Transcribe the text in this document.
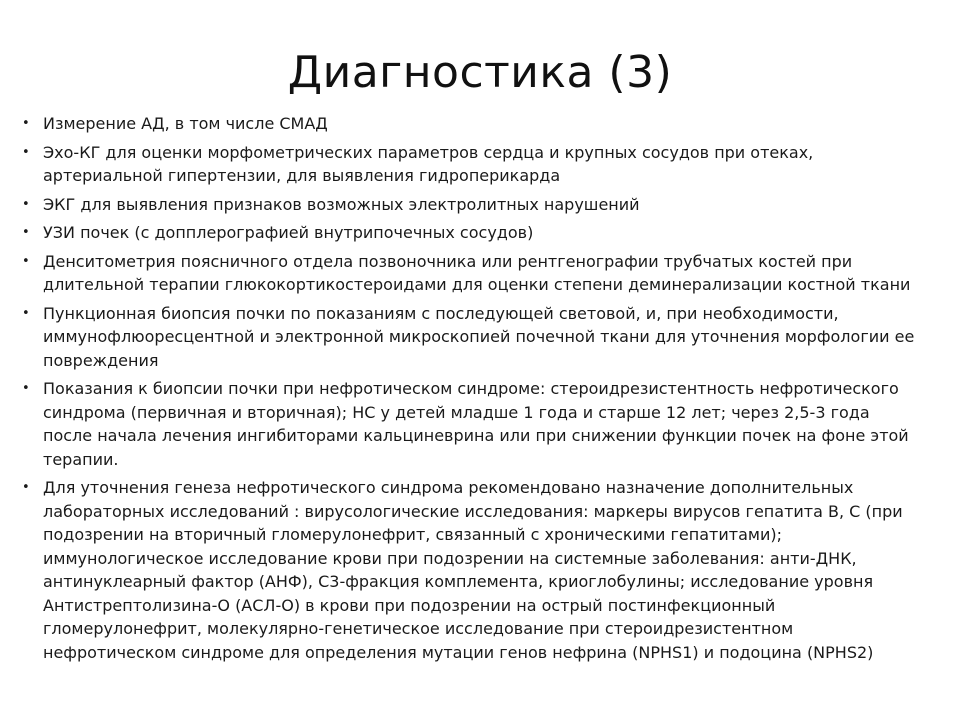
Диагностика (3)
• Измерение АД, в том числе СМАД
• Эхо-КГ для оценки морфометрических параметров сердца и крупных сосудов при отеках, артериальной гипертензии, для выявления гидроперикарда
• ЭКГ для выявления признаков возможных электролитных нарушений
• УЗИ почек (с допплерографией внутрипочечных сосудов)
• Денситометрия поясничного отдела позвоночника или рентгенографии трубчатых костей при длительной терапии глюкокортикостероидами для оценки степени деминерализации костной ткани
• Пункционная биопсия почки по показаниям с последующей световой, и, при необходимости, иммунофлюоресцентной и электронной микроскопией почечной ткани для уточнения морфологии ее повреждения
• Показания к биопсии почки при нефротическом синдроме: стероидрезистентность нефротического синдрома (первичная и вторичная); НС у детей младше 1 года и старше 12 лет; через 2,5-3 года после начала лечения ингибиторами кальциневрина или при снижении функции почек на фоне этой терапии.
• Для уточнения генеза нефротического синдрома рекомендовано назначение дополнительных лабораторных исследований : вирусологические исследования: маркеры вирусов гепатита В, С (при подозрении на вторичный гломерулонефрит, связанный с хроническими гепатитами); иммунологическое исследование крови при подозрении на системные заболевания: анти-ДНК, антинуклеарный фактор (АНФ), С3-фракция комплемента, криоглобулины; исследование уровня Антистрептолизина-О (АСЛ-О) в крови при подозрении на острый постинфекционный гломерулонефрит, молекулярно-генетическое исследование при стероидрезистентном нефротическом синдроме для определения мутации генов нефрина (NPHS1) и подоцина (NPHS2)
